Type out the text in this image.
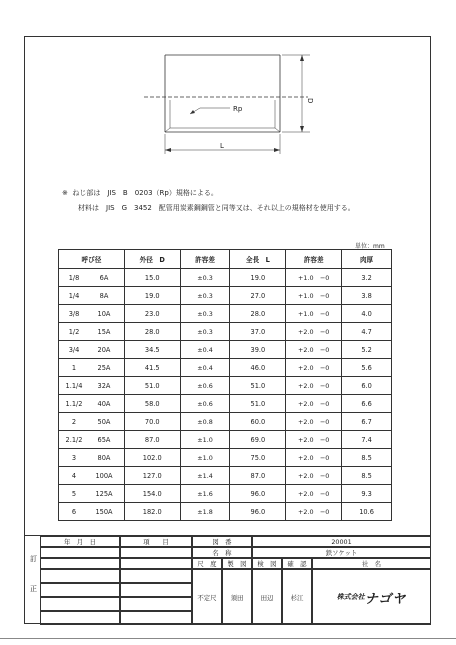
D
L
Rp
※ ねじ部は　JIS　B　0203（Rp）規格による。
材料は　JIS　G　3452　配管用炭素鋼鋼管と同等又は、それ以上の規格材を使用する。
単位：mm
呼び径	外径　D	許容差	全長　L	許容差	肉厚
1/8 6A	15.0	±0.3	19.0	+1.0　−0	3.2
1/4 8A	19.0	±0.3	27.0	+1.0　−0	3.8
3/8 10A	23.0	±0.3	28.0	+1.0　−0	4.0
1/2 15A	28.0	±0.3	37.0	+2.0　−0	4.7
3/4 20A	34.5	±0.4	39.0	+2.0　−0	5.2
1 25A	41.5	±0.4	46.0	+2.0　−0	5.6
1.1/4 32A	51.0	±0.6	51.0	+2.0　−0	6.0
1.1/2 40A	58.0	±0.6	51.0	+2.0　−0	6.6
2 50A	70.0	±0.8	60.0	+2.0　−0	6.7
2.1/2 65A	87.0	±1.0	69.0	+2.0　−0	7.4
3 80A	102.0	±1.0	75.0	+2.0　−0	8.5
4 100A	127.0	±1.4	87.0	+2.0　−0	8.5
5 125A	154.0	±1.6	96.0	+2.0　−0	9.3
6 150A	182.0	±1.8	96.0	+2.0　−0	10.6
訂
正
年　月　日	項　　目	図　番	20001
名　称	鉄ソケット
尺　度	製　図	検　図	確　認	社　名
不定尺	須田	田辺	杉江	株式会社 ナゴヤ
